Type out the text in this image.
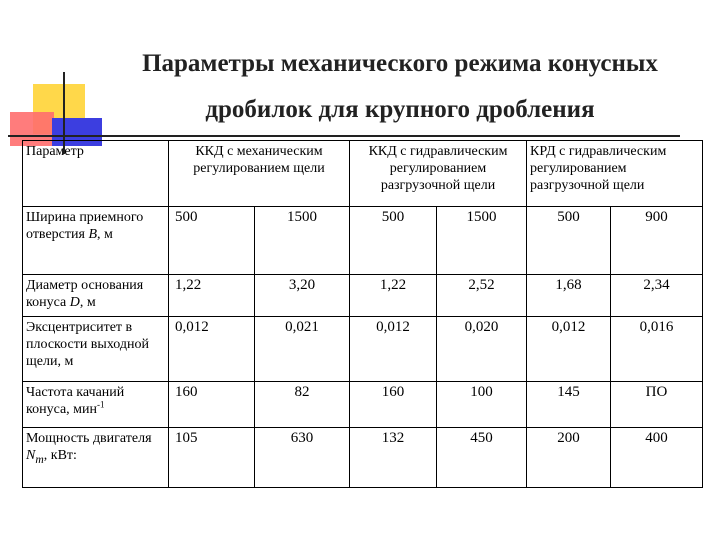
Параметры механического режима конусных
дробилок для крупного дробления
Параметр	ККД с механическим регулированием щели		ККД с гидравлическим регулированием разгрузочной щели		КРД с гидравлическим регулированием разгрузочной щели	
Ширина приемного отверстия B, м	500	1500	500	1500	500	900
Диаметр основания конуса D, м	1,22	3,20	1,22	2,52	1,68	2,34
Эксцентриситет в плоскости выходной щели, м	0,012	0,021	0,012	0,020	0,012	0,016
Частота качаний конуса, мин$^{-1}$	160	82	160	100	145	ПО
Мощность двигателя $N_m$, кВт:	105	630	132	450	200	400
